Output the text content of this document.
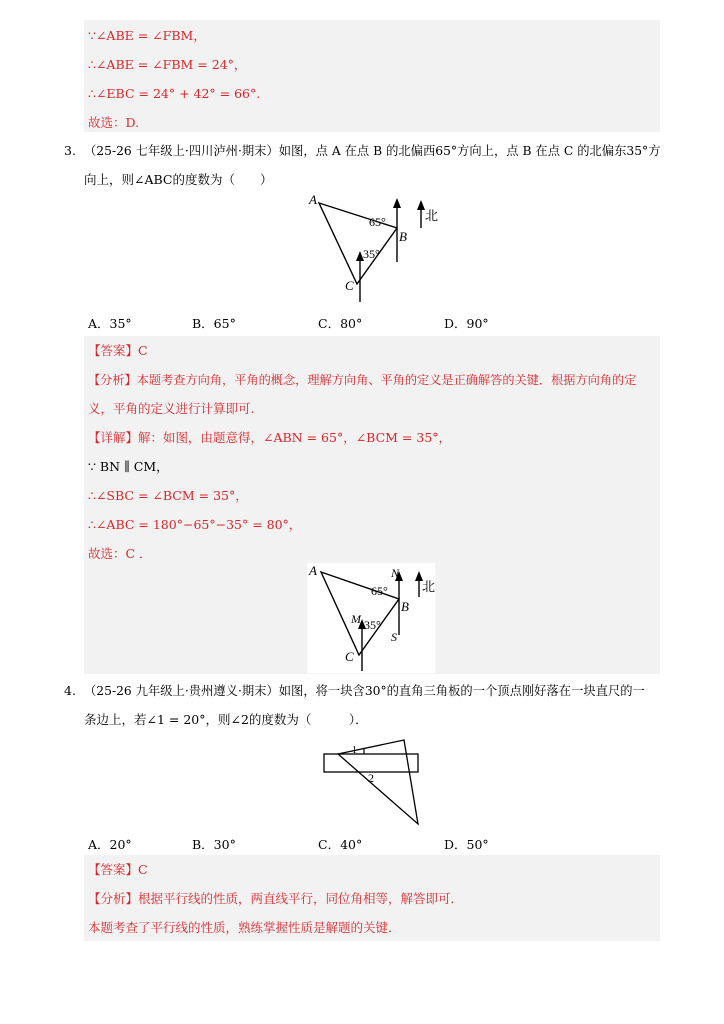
∵∠ABE = ∠FBM，
∴∠ABE = ∠FBM = 24°，
∴∠EBC = 24° + 42° = 66°.
故选：D.
3. （25-26 七年级上·四川泸州·期末）如图，点 A 在点 B 的北偏西65°方向上，点 B 在点 C 的北偏东35°方
向上，则∠ABC的度数为（　　）
A
B
C
65°
35°
北
A．35°	B．65°	C．80°	D．90°
【答案】C
【分析】本题考查方向角，平角的概念，理解方向角、平角的定义是正确解答的关键．根据方向角的定
义，平角的定义进行计算即可.
【详解】解：如图，由题意得，∠ABN = 65°，∠BCM = 35°，
∵ BN ∥ CM，
∴∠SBC = ∠BCM = 35°，
∴∠ABC = 180°−65°−35° = 80°，
故选：C ．
A	N
B
S
M
C
65°
35°
北
4. （25-26 九年级上·贵州遵义·期末）如图，将一块含30°的直角三角板的一个顶点刚好落在一块直尺的一
条边上，若∠1 = 20°，则∠2的度数为（　　　）．
1
2
A．20°	B．30°	C．40°	D．50°
【答案】C
【分析】根据平行线的性质，两直线平行，同位角相等，解答即可．
本题考查了平行线的性质，熟练掌握性质是解题的关键．
